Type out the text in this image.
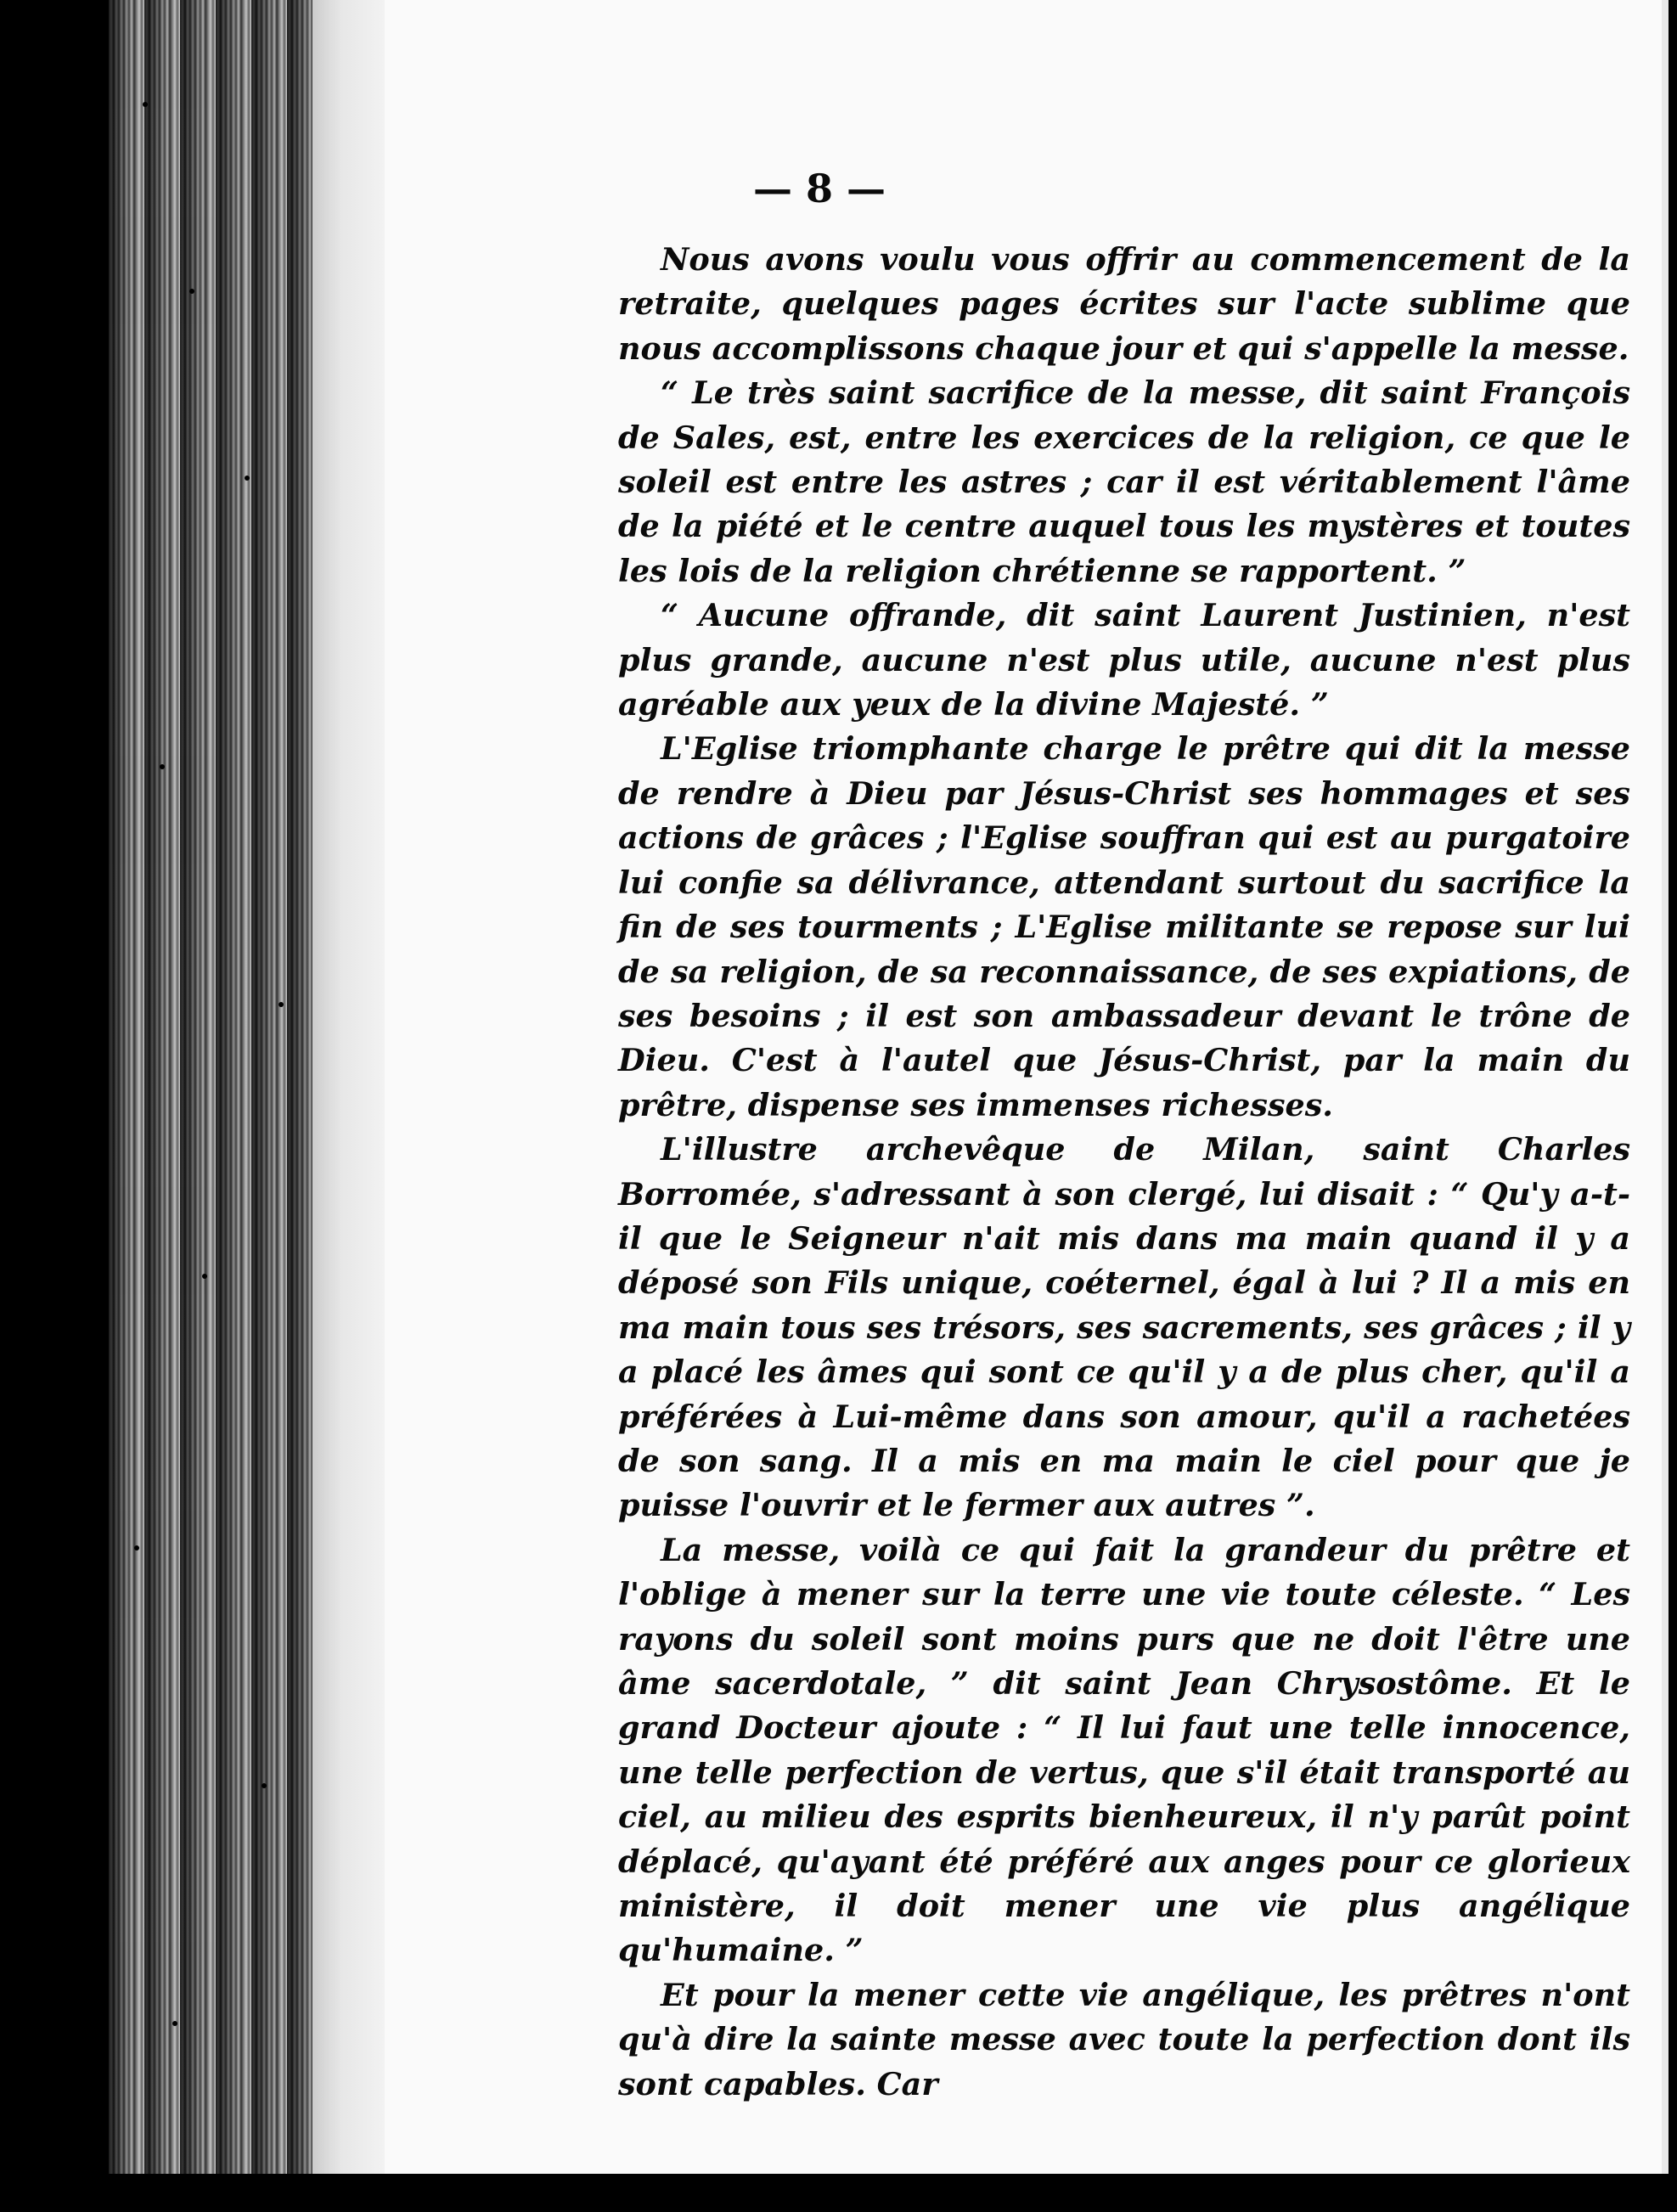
— 8 —

Nous avons voulu vous offrir au commencement de la retraite, quelques pages écrites sur l'acte sublime que nous accomplissons chaque jour et qui s'appelle la messe.

“ Le très saint sacrifice de la messe, dit saint François de Sales, est, entre les exercices de la religion, ce que le soleil est entre les astres ; car il est véritablement l'âme de la piété et le centre auquel tous les mystères et toutes les lois de la religion chrétienne se rapportent. ”

“ Aucune offrande, dit saint Laurent Justinien, n'est plus grande, aucune n'est plus utile, aucune n'est plus agréable aux yeux de la divine Majesté. ”

L'Eglise triomphante charge le prêtre qui dit la messe de rendre à Dieu par Jésus-Christ ses hommages et ses actions de grâces ; l'Eglise souffran qui est au purgatoire lui confie sa délivrance, attendant surtout du sacrifice la fin de ses tourments ; L'Eglise militante se repose sur lui de sa religion, de sa reconnaissance, de ses expiations, de ses besoins ; il est son ambassadeur devant le trône de Dieu. C'est à l'autel que Jésus-Christ, par la main du prêtre, dispense ses immenses richesses.

L'illustre archevêque de Milan, saint Charles Borromée, s'adressant à son clergé, lui disait : “ Qu'y a-t-il que le Seigneur n'ait mis dans ma main quand il y a déposé son Fils unique, coéternel, égal à lui ? Il a mis en ma main tous ses trésors, ses sacrements, ses grâces ; il y a placé les âmes qui sont ce qu'il y a de plus cher, qu'il a préférées à Lui-même dans son amour, qu'il a rachetées de son sang. Il a mis en ma main le ciel pour que je puisse l'ouvrir et le fermer aux autres ”.

La messe, voilà ce qui fait la grandeur du prêtre et l'oblige à mener sur la terre une vie toute céleste. “ Les rayons du soleil sont moins purs que ne doit l'être une âme sacerdotale, ” dit saint Jean Chrysostôme. Et le grand Docteur ajoute : “ Il lui faut une telle innocence, une telle perfection de vertus, que s'il était transporté au ciel, au milieu des esprits bienheureux, il n'y parût point déplacé, qu'ayant été préféré aux anges pour ce glorieux ministère, il doit mener une vie plus angélique qu'humaine. ”

Et pour la mener cette vie angélique, les prêtres n'ont qu'à dire la sainte messe avec toute la perfection dont ils sont capables. Car
